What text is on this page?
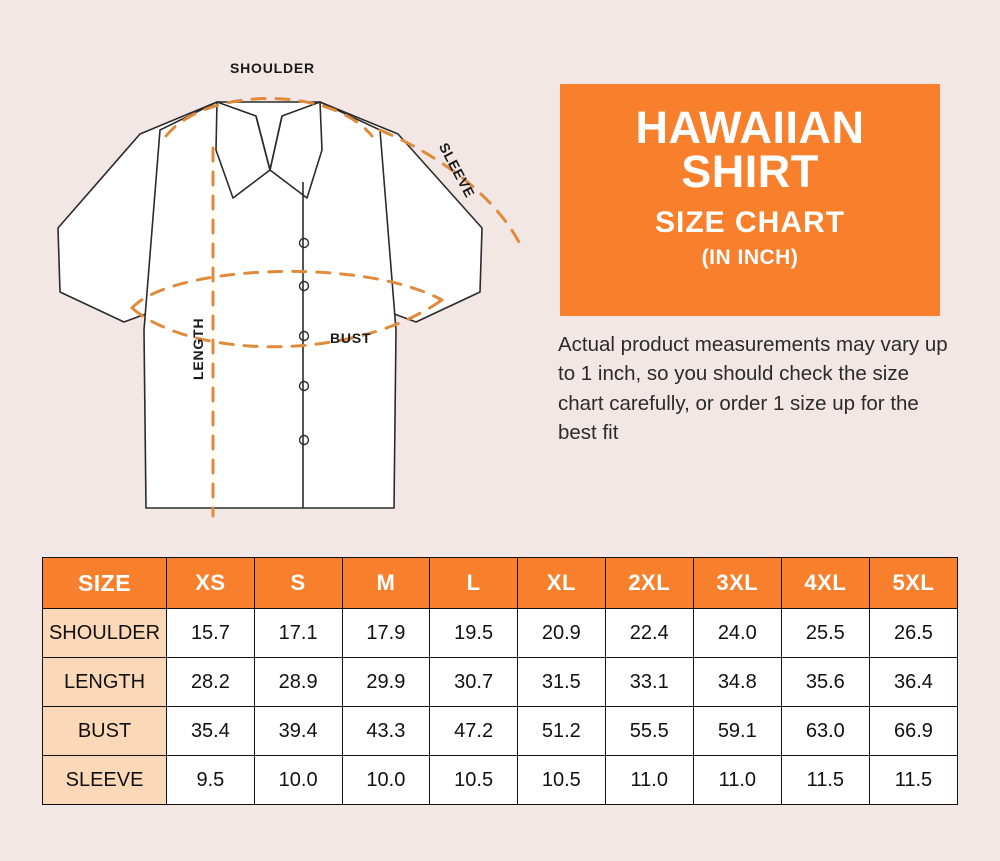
SHOULDER
SLEEVE
BUST
LENGTH
HAWAIIAN SHIRT
SIZE CHART
(IN INCH)
Actual product measurements may vary up to 1 inch, so you should check the size chart carefully, or order 1 size up for the best fit
SIZE	XS	S	M	L	XL	2XL	3XL	4XL	5XL
SHOULDER	15.7	17.1	17.9	19.5	20.9	22.4	24.0	25.5	26.5
LENGTH	28.2	28.9	29.9	30.7	31.5	33.1	34.8	35.6	36.4
BUST	35.4	39.4	43.3	47.2	51.2	55.5	59.1	63.0	66.9
SLEEVE	9.5	10.0	10.0	10.5	10.5	11.0	11.0	11.5	11.5
